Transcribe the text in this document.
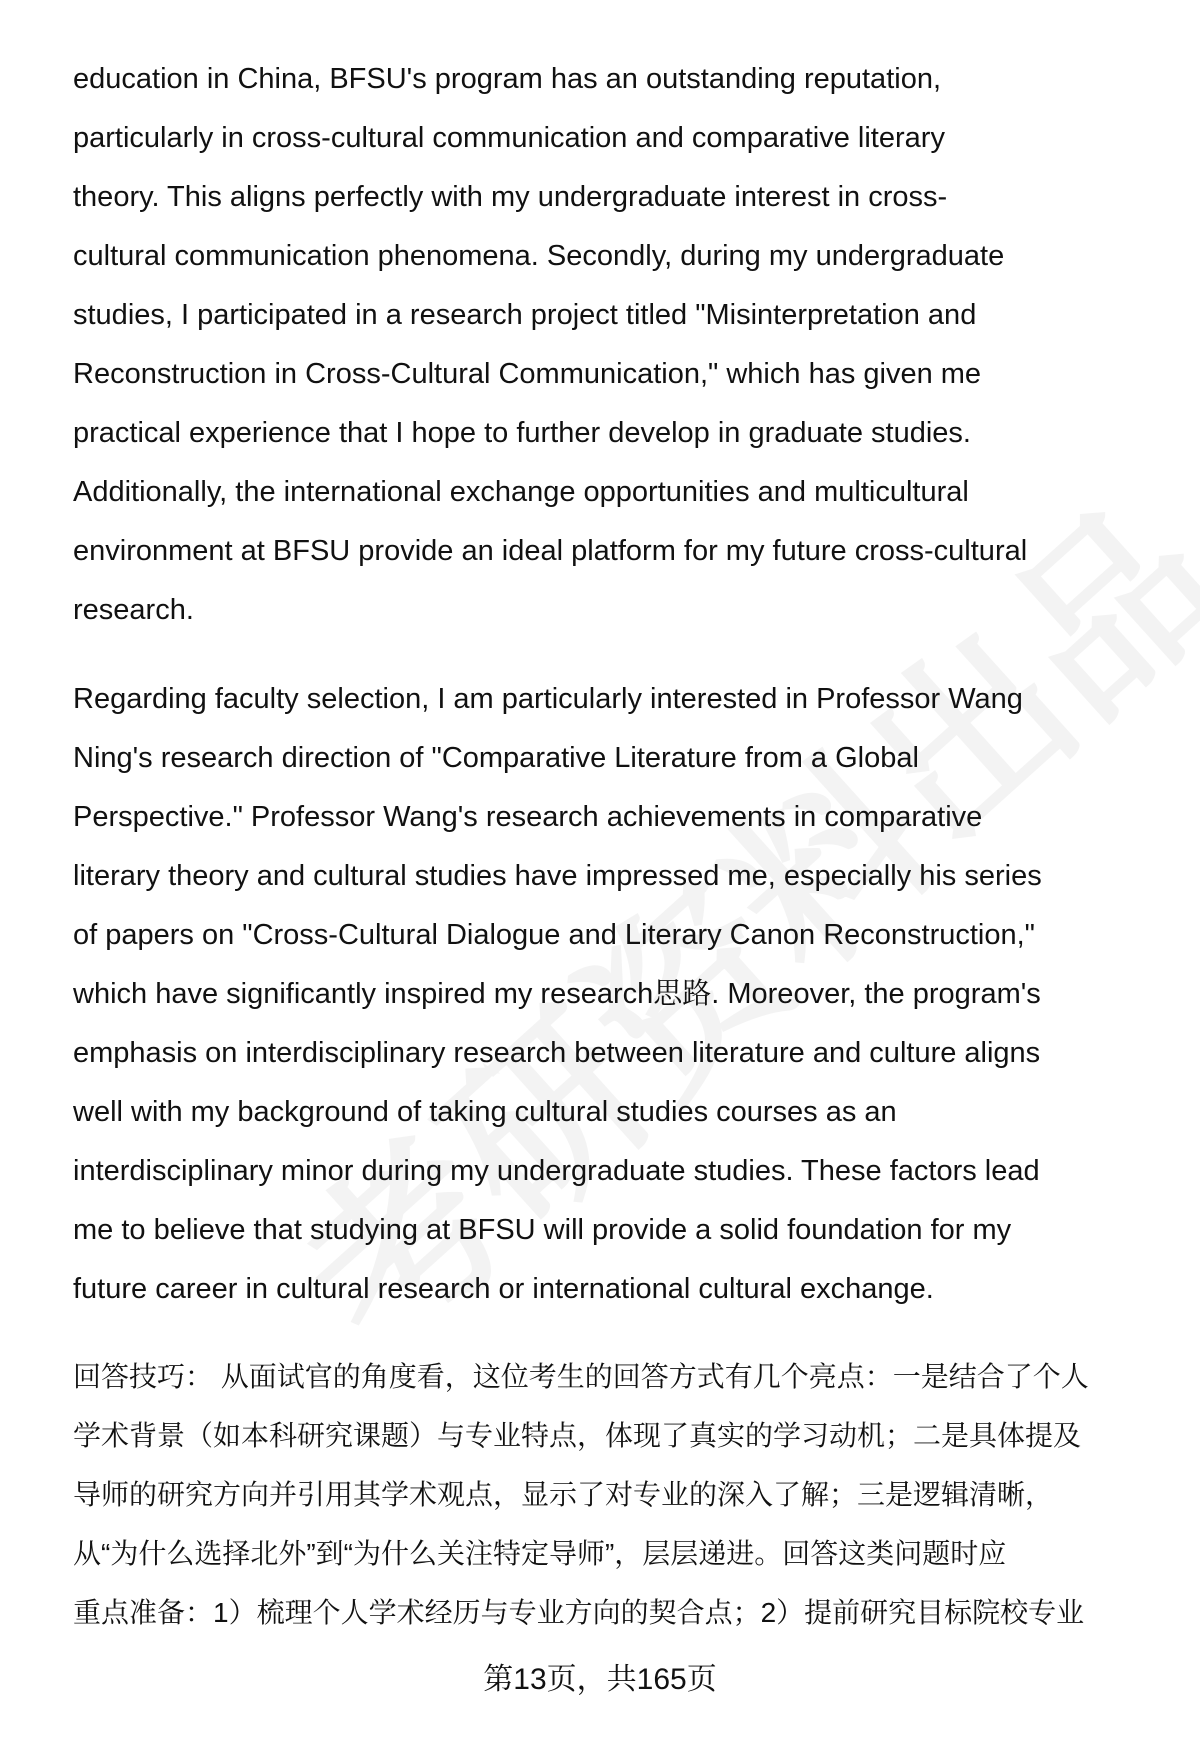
education in China, BFSU's program has an outstanding reputation,
particularly in cross-cultural communication and comparative literary
theory. This aligns perfectly with my undergraduate interest in cross-
cultural communication phenomena. Secondly, during my undergraduate
studies, I participated in a research project titled "Misinterpretation and
Reconstruction in Cross-Cultural Communication," which has given me
practical experience that I hope to further develop in graduate studies.
Additionally, the international exchange opportunities and multicultural
environment at BFSU provide an ideal platform for my future cross-cultural
research.

Regarding faculty selection, I am particularly interested in Professor Wang
Ning's research direction of "Comparative Literature from a Global
Perspective." Professor Wang's research achievements in comparative
literary theory and cultural studies have impressed me, especially his series
of papers on "Cross-Cultural Dialogue and Literary Canon Reconstruction,"
which have significantly inspired my research思路. Moreover, the program's
emphasis on interdisciplinary research between literature and culture aligns
well with my background of taking cultural studies courses as an
interdisciplinary minor during my undergraduate studies. These factors lead
me to believe that studying at BFSU will provide a solid foundation for my
future career in cultural research or international cultural exchange.

回答技巧： 从面试官的角度看，这位考生的回答方式有几个亮点：一是结合了个人
学术背景（如本科研究课题）与专业特点，体现了真实的学习动机；二是具体提及
导师的研究方向并引用其学术观点，显示了对专业的深入了解；三是逻辑清晰，
从“为什么选择北外”到“为什么关注特定导师”，层层递进。回答这类问题时应
重点准备：1）梳理个人学术经历与专业方向的契合点；2）提前研究目标院校专业

第13页，共165页
